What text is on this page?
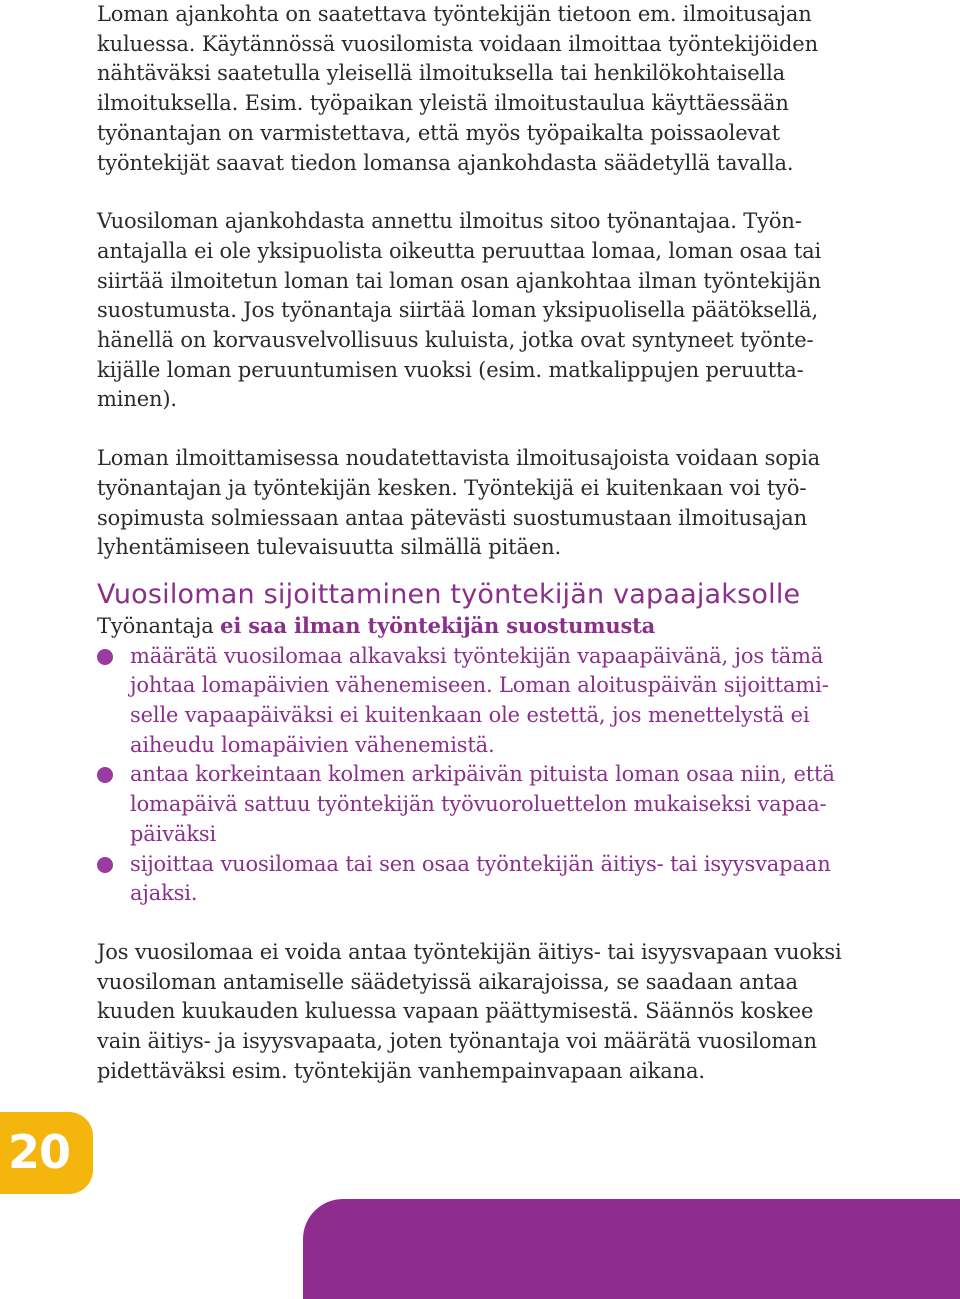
Loman ajankohta on saatettava työntekijän tietoon em. ilmoitusajan
kuluessa. Käytännössä vuosilomista voidaan ilmoittaa työntekijöiden
nähtäväksi saatetulla yleisellä ilmoituksella tai henkilökohtaisella
ilmoituksella. Esim. työpaikan yleistä ilmoitustaulua käyttäessään
työnantajan on varmistettava, että myös työpaikalta poissaolevat
työntekijät saavat tiedon lomansa ajankohdasta säädetyllä tavalla.
Vuosiloman ajankohdasta annettu ilmoitus sitoo työnantajaa. Työn-
antajalla ei ole yksipuolista oikeutta peruuttaa lomaa, loman osaa tai
siirtää ilmoitetun loman tai loman osan ajankohtaa ilman työntekijän
suostumusta. Jos työnantaja siirtää loman yksipuolisella päätöksellä,
hänellä on korvausvelvollisuus kuluista, jotka ovat syntyneet työnte-
kijälle loman peruuntumisen vuoksi (esim. matkalippujen peruutta-
minen).
Loman ilmoittamisessa noudatettavista ilmoitusajoista voidaan sopia
työnantajan ja työntekijän kesken. Työntekijä ei kuitenkaan voi työ-
sopimusta solmiessaan antaa pätevästi suostumustaan ilmoitusajan
lyhentämiseen tulevaisuutta silmällä pitäen.
Vuosiloman sijoittaminen työntekijän vapaajaksolle
Työnantaja ei saa ilman työntekijän suostumusta
määrätä vuosilomaa alkavaksi työntekijän vapaapäivänä, jos tämä
johtaa lomapäivien vähenemiseen. Loman aloituspäivän sijoittami-
selle vapaapäiväksi ei kuitenkaan ole estettä, jos menettelystä ei
aiheudu lomapäivien vähenemistä.
antaa korkeintaan kolmen arkipäivän pituista loman osaa niin, että
lomapäivä sattuu työntekijän työvuoroluettelon mukaiseksi vapaa-
päiväksi
sijoittaa vuosilomaa tai sen osaa työntekijän äitiys- tai isyysvapaan
ajaksi.
Jos vuosilomaa ei voida antaa työntekijän äitiys- tai isyysvapaan vuoksi
vuosiloman antamiselle säädetyissä aikarajoissa, se saadaan antaa
kuuden kuukauden kuluessa vapaan päättymisestä. Säännös koskee
vain äitiys- ja isyysvapaata, joten työnantaja voi määrätä vuosiloman
pidettäväksi esim. työntekijän vanhempainvapaan aikana.
20
